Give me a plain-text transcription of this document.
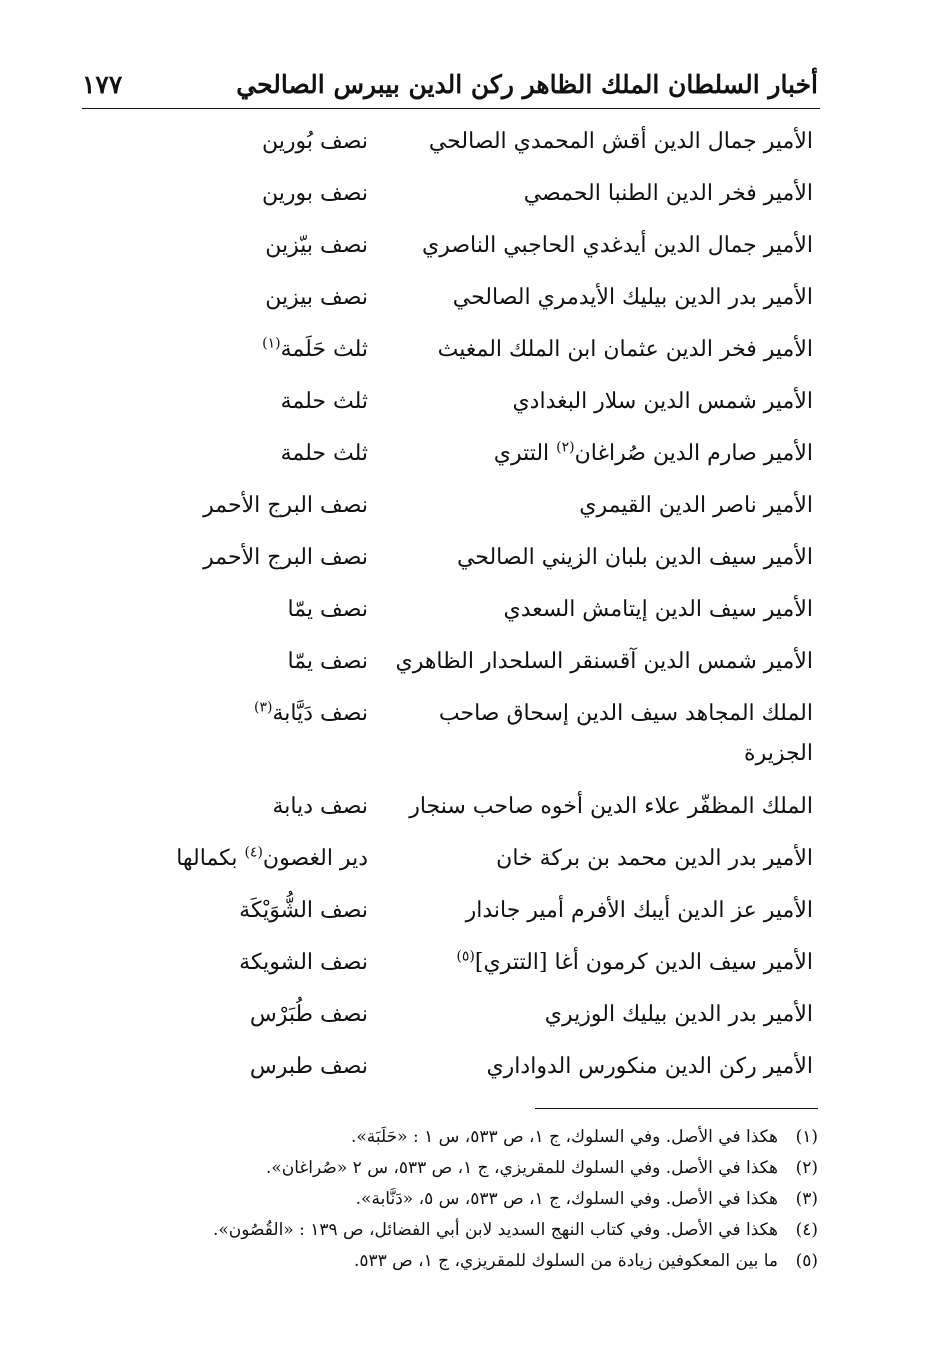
أخبار السلطان الملك الظاهر ركن الدين بيبرس الصالحي
١٧٧
الأمير جمال الدين أقش المحمدي الصالحي
نصف بُورين
الأمير فخر الدين الطنبا الحمصي
نصف بورين
الأمير جمال الدين أيدغدي الحاجبي الناصري
نصف بيّزين
الأمير بدر الدين بيليك الأيدمري الصالحي
نصف بيزين
الأمير فخر الدين عثمان ابن الملك المغيث
ثلث حَلَمة$^{(١)}$
الأمير شمس الدين سلار البغدادي
ثلث حلمة
الأمير صارم الدين صُراغان$^{(٢)}$ التتري
ثلث حلمة
الأمير ناصر الدين القيمري
نصف البرج الأحمر
الأمير سيف الدين بلبان الزيني الصالحي
نصف البرج الأحمر
الأمير سيف الدين إيتامش السعدي
نصف يمّا
الأمير شمس الدين آقسنقر السلحدار الظاهري
نصف يمّا
الملك المجاهد سيف الدين إسحاق صاحب الجزيرة
نصف دَيَّابة$^{(٣)}$
الملك المظفّر علاء الدين أخوه صاحب سنجار
نصف ديابة
الأمير بدر الدين محمد بن بركة خان
دير الغصون$^{(٤)}$ بكمالها
الأمير عز الدين أيبك الأفرم أمير جاندار
نصف الشُّوَيْكَة
الأمير سيف الدين كرمون أغا [التتري]$^{(٥)}$
نصف الشويكة
الأمير بدر الدين بيليك الوزيري
نصف طُبَرْس
الأمير ركن الدين منكورس الدواداري
نصف طبرس
(١)
هكذا في الأصل. وفي السلوك، ج ١، ص ٥٣٣، س ١ : «حَلَبَة».
(٢)
هكذا في الأصل. وفي السلوك للمقريزي، ج ١، ص ٥٣٣، س ٢ «صُراغان».
(٣)
هكذا في الأصل. وفي السلوك، ج ١، ص ٥٣٣، س ٥، «دَنَّابة».
(٤)
هكذا في الأصل. وفي كتاب النهج السديد لابن أبي الفضائل، ص ١٣٩ : «القُصُون».
(٥)
ما بين المعكوفين زيادة من السلوك للمقريزي، ج ١، ص ٥٣٣.
